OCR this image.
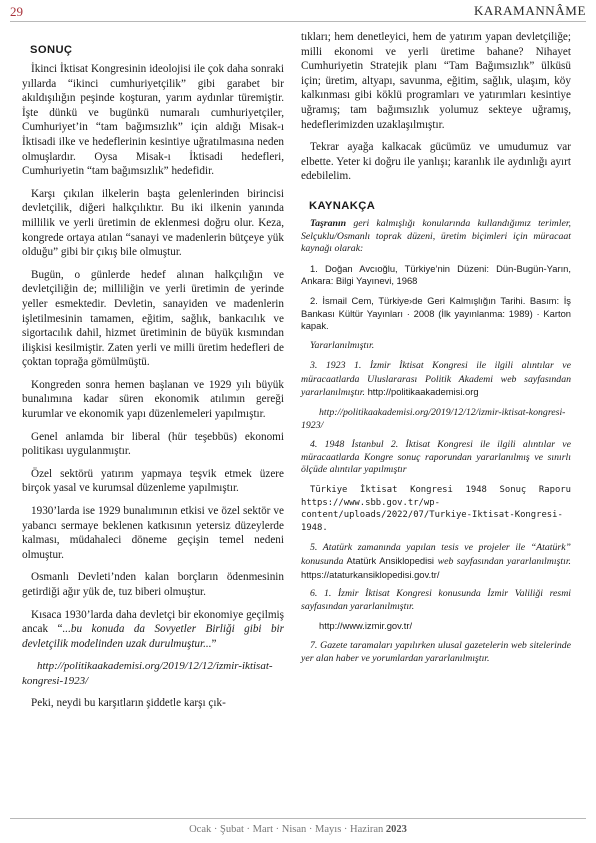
29	KARAMANNÂME
SONUÇ

İkinci İktisat Kongresinin ideolojisi ile çok daha sonraki yıllarda “ikinci cumhuriyetçilik” gibi garabet bir akıldışılığın peşinde koşturan, yarım aydınlar türemiştir. İşte dünkü ve bugünkü numaralı cumhuriyetçiler, Cumhuriyet’in “tam bağımsızlık” için aldığı Misak-ı İktisadi ilke ve hedeflerinin kesintiye uğratılmasına neden olmuşlardır. Oysa Misak-ı İktisadi hedefleri, Cumhuriyetin “tam bağımsızlık” hedefidir.

Karşı çıkılan ilkelerin başta gelenlerinden birincisi devletçilik, diğeri halkçılıktır. Bu iki ilkenin yanında millilik ve yerli üretimin de eklenmesi doğru olur. Keza, kongrede ortaya atılan “sanayi ve madenlerin bütçeye yük olduğu” gibi bir çıkış bile olmuştur.

Bugün, o günlerde hedef alınan halkçılığın ve devletçiliğin de; milliliğin ve yerli üretimin de yerinde yeller esmektedir. Devletin, sanayiden ve madenlerin işletilmesinin tamamen, eğitim, sağlık, bankacılık ve sigortacılık dahil, hizmet üretiminin de büyük kısmından ilişkisi kesilmiştir. Zaten yerli ve milli üretim hedefleri de çoktan toprağa gömülmüştü.

Kongreden sonra hemen başlanan ve 1929 yılı büyük bunalımına kadar süren ekonomik atılımın gereği kurumlar ve ekonomik yapı düzenlemeleri yapılmıştır.

Genel anlamda bir liberal (hür teşebbüs) ekonomi politikası uygulanmıştır.

Özel sektörü yatırım yapmaya teşvik etmek üzere birçok yasal ve kurumsal düzenleme yapılmıştır.

1930’larda ise 1929 bunalımının etkisi ve özel sektör ve yabancı sermaye beklenen katkısının yetersiz düzeylerde kalması, müdahaleci döneme geçişin temel nedeni olmuştur.

Osmanlı Devleti’nden kalan borçların ödenmesinin getirdiği ağır yük de, tuz biberi olmuştur.

Kısaca 1930’larda daha devletçi bir ekonomiye geçilmiş ancak “...bu konuda da Sovyetler Birliği gibi bir devletçilik modelinden uzak durulmuştur...”

http://politikaakademisi.org/2019/12/12/izmir-iktisat-kongresi-1923/

Peki, neydi bu karşıtların şiddetle karşı çık-

tıkları; hem denetleyici, hem de yatırım yapan devletçiliğe; milli ekonomi ve yerli üretime bahane? Nihayet Cumhuriyetin Stratejik planı “Tam Bağımsızlık” ülküsü için; üretim, altyapı, savunma, eğitim, sağlık, ulaşım, köy kalkınması gibi köklü programları ve yatırımları kesintiye uğramış; tam bağımsızlık yolumuz sekteye uğramış, hedeflerimizden uzaklaşılmıştır.

Tekrar ayağa kalkacak gücümüz ve umudumuz var elbette. Yeter ki doğru ile yanlışı; karanlık ile aydınlığı ayırt edebilelim.

KAYNAKÇA

Taşranın geri kalmışlığı konularında kullandığımız terimler, Selçuklu/Osmanlı toprak düzeni, üretim biçimleri için müracaat kaynağı olarak:

1. Doğan Avcıoğlu, Türkiye’nin Düzeni: Dün-Bugün-Yarın, Ankara: Bilgi Yayınevi, 1968

2. İsmail Cem, Türkiye›de Geri Kalmışlığın Tarihi. Basım: İş Bankası Kültür Yayınları · 2008 (İlk yayınlanma: 1989) · Karton kapak.

Yararlanılmıştır.

3. 1923 1. İzmir İktisat Kongresi ile ilgili alıntılar ve müracaatlarda Uluslararası Politik Akademi web sayfasından yararlanılmıştır. http://politikaakademisi.org

http://politikaakademisi.org/2019/12/12/izmir-iktisat-kongresi-1923/

4. 1948 İstanbul 2. İktisat Kongresi ile ilgili alıntılar ve müracaatlarda Kongre sonuç raporundan yararlanılmış ve sınırlı ölçüde alıntılar yapılmıştır

Türkiye İktisat Kongresi 1948 Sonuç Raporu https://www.sbb.gov.tr/wp-content/uploads/2022/07/Turkiye-Iktisat-Kongresi-1948.

5. Atatürk zamanında yapılan tesis ve projeler ile “Atatürk” konusunda Atatürk Ansiklopedisi web sayfasından yararlanılmıştır. https://ataturkansiklopedisi.gov.tr/

6. 1. İzmir İktisat Kongresi konusunda İzmir Valiliği resmi sayfasından yararlanılmıştır.

http://www.izmir.gov.tr/

7. Gazete taramaları yapılırken ulusal gazetelerin web sitelerinde yer alan haber ve yorumlardan yararlanılmıştır.

Ocak · Şubat · Mart · Nisan · Mayıs · Haziran 2023
